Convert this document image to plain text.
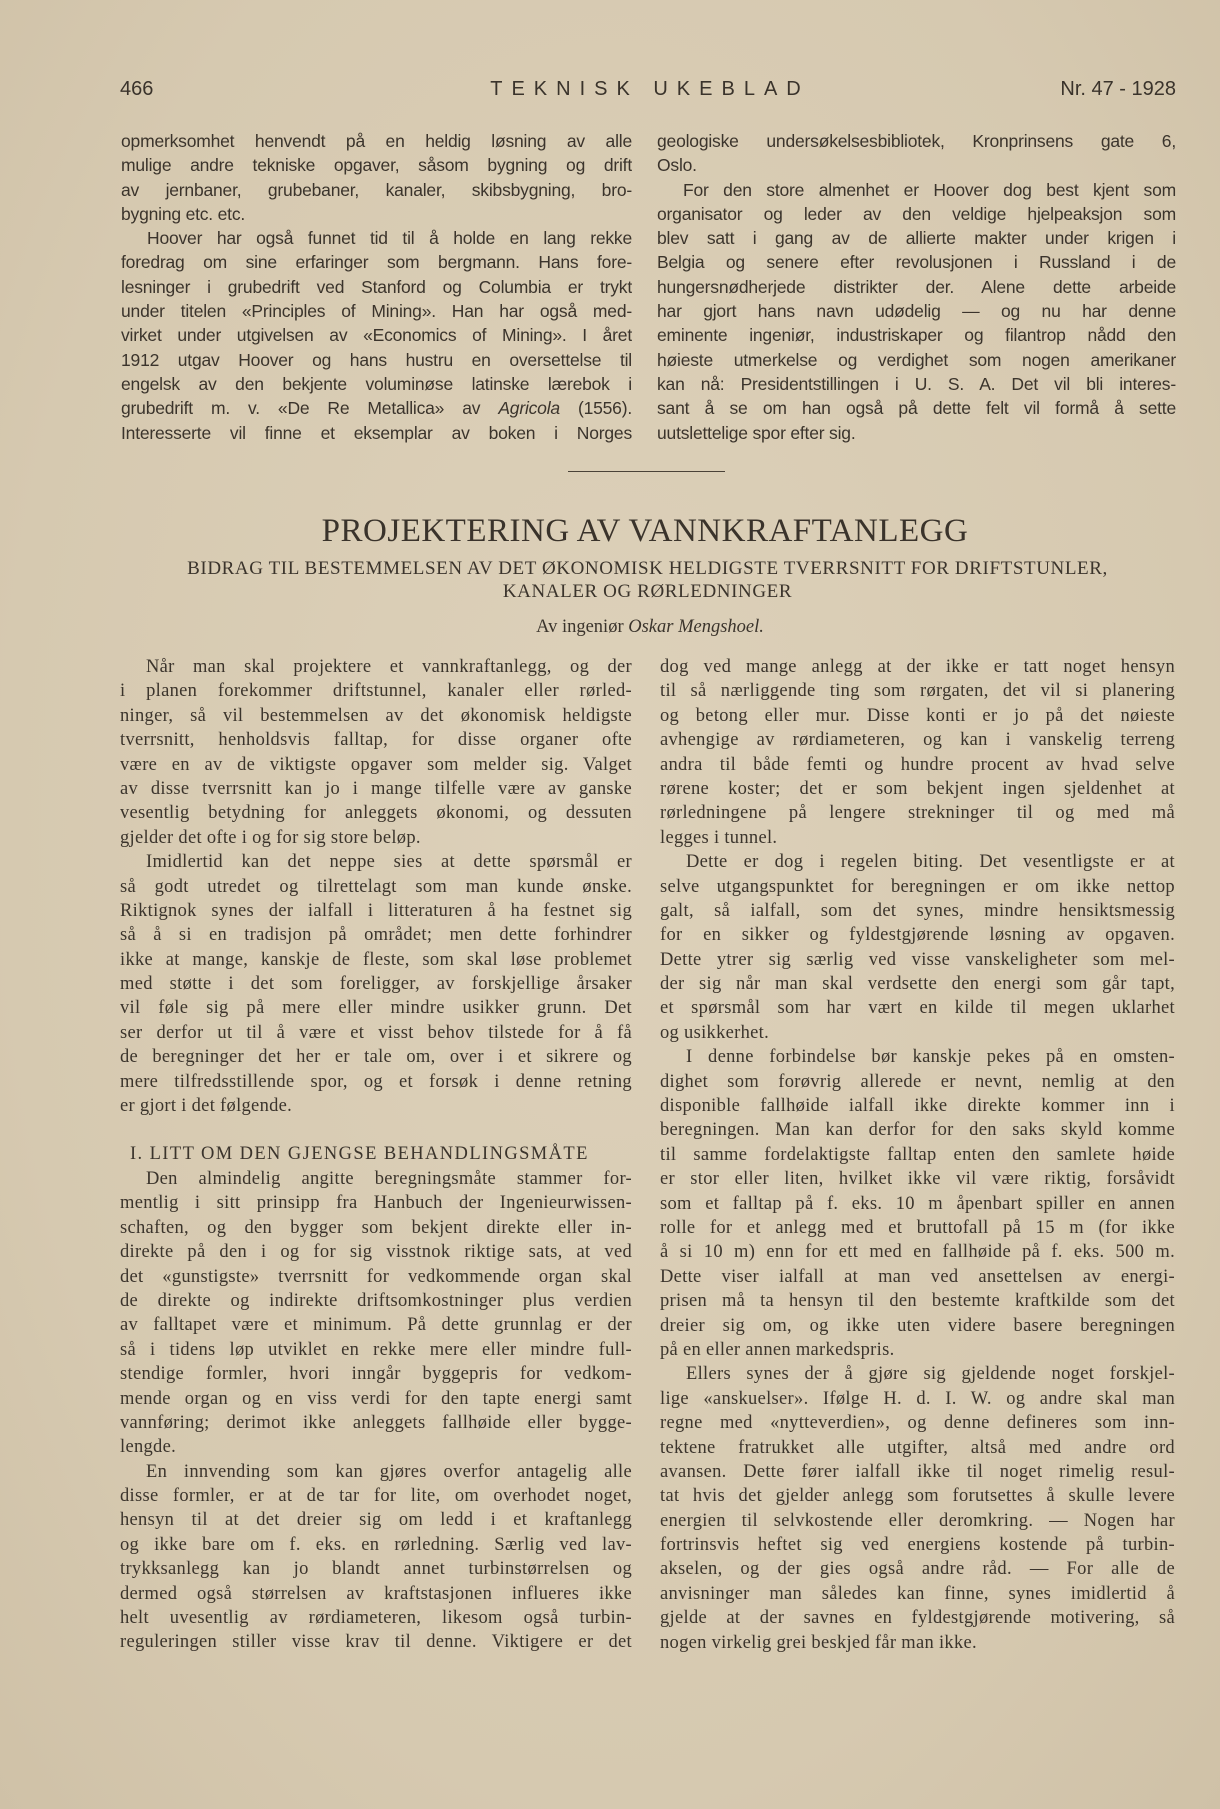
466	TEKNISK UKEBLAD	Nr. 47 - 1928
opmerksomhet henvendt på en heldig løsning av alle
mulige andre tekniske opgaver, såsom bygning og drift
av jernbaner, grubebaner, kanaler, skibsbygning, bro-
bygning etc. etc.
Hoover har også funnet tid til å holde en lang rekke
foredrag om sine erfaringer som bergmann. Hans fore-
lesninger i grubedrift ved Stanford og Columbia er trykt
under titelen «Principles of Mining». Han har også med-
virket under utgivelsen av «Economics of Mining». I året
1912 utgav Hoover og hans hustru en oversettelse til
engelsk av den bekjente voluminøse latinske lærebok i
grubedrift m. v. «De Re Metallica» av Agricola (1556).
Interesserte vil finne et eksemplar av boken i Norges
geologiske undersøkelsesbibliotek, Kronprinsens gate 6,
Oslo.
For den store almenhet er Hoover dog best kjent som
organisator og leder av den veldige hjelpeaksjon som
blev satt i gang av de allierte makter under krigen i
Belgia og senere efter revolusjonen i Russland i de
hungersnødherjede distrikter der. Alene dette arbeide
har gjort hans navn udødelig — og nu har denne
eminente ingeniør, industriskaper og filantrop nådd den
høieste utmerkelse og verdighet som nogen amerikaner
kan nå: Presidentstillingen i U. S. A. Det vil bli interes-
sant å se om han også på dette felt vil formå å sette
uutslettelige spor efter sig.
PROJEKTERING AV VANNKRAFTANLEGG
BIDRAG TIL BESTEMMELSEN AV DET ØKONOMISK HELDIGSTE TVERRSNITT FOR DRIFTSTUNLER,
KANALER OG RØRLEDNINGER
Av ingeniør Oskar Mengshoel.
Når man skal projektere et vannkraftanlegg, og der
i planen forekommer driftstunnel, kanaler eller rørled-
ninger, så vil bestemmelsen av det økonomisk heldigste
tverrsnitt, henholdsvis falltap, for disse organer ofte
være en av de viktigste opgaver som melder sig. Valget
av disse tverrsnitt kan jo i mange tilfelle være av ganske
vesentlig betydning for anleggets økonomi, og dessuten
gjelder det ofte i og for sig store beløp.
Imidlertid kan det neppe sies at dette spørsmål er
så godt utredet og tilrettelagt som man kunde ønske.
Riktignok synes der ialfall i litteraturen å ha festnet sig
så å si en tradisjon på området; men dette forhindrer
ikke at mange, kanskje de fleste, som skal løse problemet
med støtte i det som foreligger, av forskjellige årsaker
vil føle sig på mere eller mindre usikker grunn. Det
ser derfor ut til å være et visst behov tilstede for å få
de beregninger det her er tale om, over i et sikrere og
mere tilfredsstillende spor, og et forsøk i denne retning
er gjort i det følgende.
I. LITT OM DEN GJENGSE BEHANDLINGSMÅTE
Den almindelig angitte beregningsmåte stammer for-
mentlig i sitt prinsipp fra Hanbuch der Ingenieurwissen-
schaften, og den bygger som bekjent direkte eller in-
direkte på den i og for sig visstnok riktige sats, at ved
det «gunstigste» tverrsnitt for vedkommende organ skal
de direkte og indirekte driftsomkostninger plus verdien
av falltapet være et minimum. På dette grunnlag er der
så i tidens løp utviklet en rekke mere eller mindre full-
stendige formler, hvori inngår byggepris for vedkom-
mende organ og en viss verdi for den tapte energi samt
vannføring; derimot ikke anleggets fallhøide eller bygge-
lengde.
En innvending som kan gjøres overfor antagelig alle
disse formler, er at de tar for lite, om overhodet noget,
hensyn til at det dreier sig om ledd i et kraftanlegg
og ikke bare om f. eks. en rørledning. Særlig ved lav-
trykksanlegg kan jo blandt annet turbinstørrelsen og
dermed også størrelsen av kraftstasjonen influeres ikke
helt uvesentlig av rørdiameteren, likesom også turbin-
reguleringen stiller visse krav til denne. Viktigere er det
dog ved mange anlegg at der ikke er tatt noget hensyn
til så nærliggende ting som rørgaten, det vil si planering
og betong eller mur. Disse konti er jo på det nøieste
avhengige av rørdiameteren, og kan i vanskelig terreng
andra til både femti og hundre procent av hvad selve
rørene koster; det er som bekjent ingen sjeldenhet at
rørledningene på lengere strekninger til og med må
legges i tunnel.
Dette er dog i regelen biting. Det vesentligste er at
selve utgangspunktet for beregningen er om ikke nettop
galt, så ialfall, som det synes, mindre hensiktsmessig
for en sikker og fyldestgjørende løsning av opgaven.
Dette ytrer sig særlig ved visse vanskeligheter som mel-
der sig når man skal verdsette den energi som går tapt,
et spørsmål som har vært en kilde til megen uklarhet
og usikkerhet.
I denne forbindelse bør kanskje pekes på en omsten-
dighet som forøvrig allerede er nevnt, nemlig at den
disponible fallhøide ialfall ikke direkte kommer inn i
beregningen. Man kan derfor for den saks skyld komme
til samme fordelaktigste falltap enten den samlete høide
er stor eller liten, hvilket ikke vil være riktig, forsåvidt
som et falltap på f. eks. 10 m åpenbart spiller en annen
rolle for et anlegg med et bruttofall på 15 m (for ikke
å si 10 m) enn for ett med en fallhøide på f. eks. 500 m.
Dette viser ialfall at man ved ansettelsen av energi-
prisen må ta hensyn til den bestemte kraftkilde som det
dreier sig om, og ikke uten videre basere beregningen
på en eller annen markedspris.
Ellers synes der å gjøre sig gjeldende noget forskjel-
lige «anskuelser». Ifølge H. d. I. W. og andre skal man
regne med «nytteverdien», og denne defineres som inn-
tektene fratrukket alle utgifter, altså med andre ord
avansen. Dette fører ialfall ikke til noget rimelig resul-
tat hvis det gjelder anlegg som forutsettes å skulle levere
energien til selvkostende eller deromkring. — Nogen har
fortrinsvis heftet sig ved energiens kostende på turbin-
akselen, og der gies også andre råd. — For alle de
anvisninger man således kan finne, synes imidlertid å
gjelde at der savnes en fyldestgjørende motivering, så
nogen virkelig grei beskjed får man ikke.
